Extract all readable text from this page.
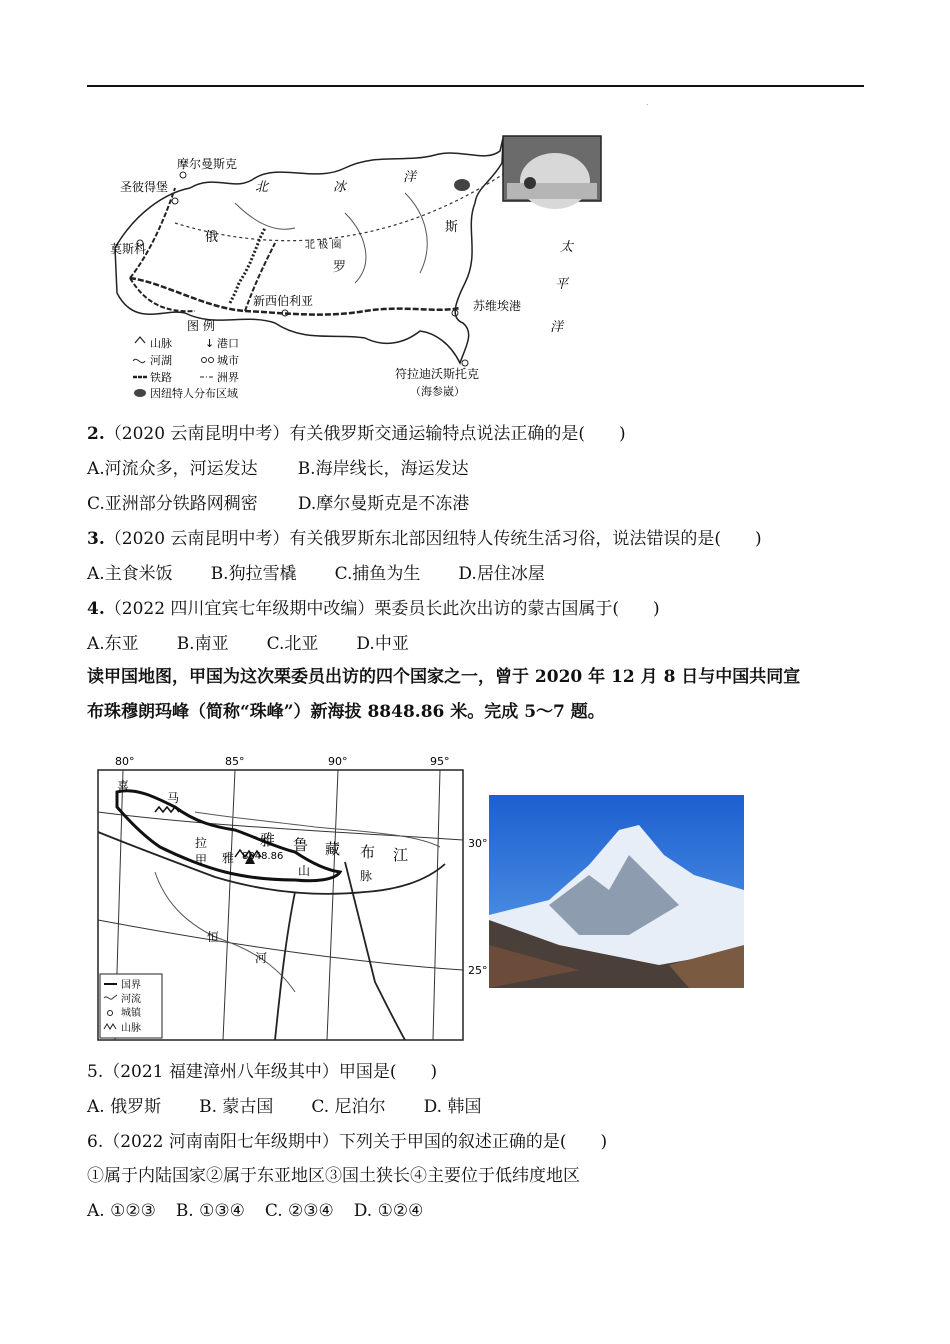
.
摩尔曼斯克
圣彼得堡
莫斯科
新西伯利亚	苏维埃港
符拉迪沃斯托克
（海参崴）
北 极 圈
北	冰
洋
俄
罗
斯
太
平
洋
图 例
山脉	↓ 港口
河湖	城市
铁路	洲界
因纽特人分布区域
2.（2020 云南昆明中考）有关俄罗斯交通运输特点说法正确的是(　　)
A.河流众多，河运发达 B.海岸线长，海运发达
C.亚洲部分铁路网稠密 D.摩尔曼斯克是不冻港
3.（2020 云南昆明中考）有关俄罗斯东北部因纽特人传统生活习俗，说法错误的是(　　)
A.主食米饭 B.狗拉雪橇 C.捕鱼为生 D.居住冰屋
4.（2022 四川宜宾七年级期中改编）栗委员长此次出访的蒙古国属于(　　)
A.东亚 B.南亚 C.北亚 D.中亚
读甲国地图，甲国为这次栗委员出访的四个国家之一，曾于 2020 年 12 月 8 日与中国共同宣
布珠穆朗玛峰（简称“珠峰”）新海拔 8848.86 米。完成 5～7 题。
80°	85°	90°	95°
30°
25°
喜
马
拉
甲 雅 8848.86
雅 鲁 藏 布 江
山	脉
恒
河
国界
河流
城镇
山脉
5.（2021 福建漳州八年级其中）甲国是(　　)
A. 俄罗斯 B. 蒙古国 C. 尼泊尔 D. 韩国
6.（2022 河南南阳七年级期中）下列关于甲国的叙述正确的是(　　)
①属于内陆国家②属于东亚地区③国土狭长④主要位于低纬度地区
A. ①②③ B. ①③④ C. ②③④ D. ①②④
